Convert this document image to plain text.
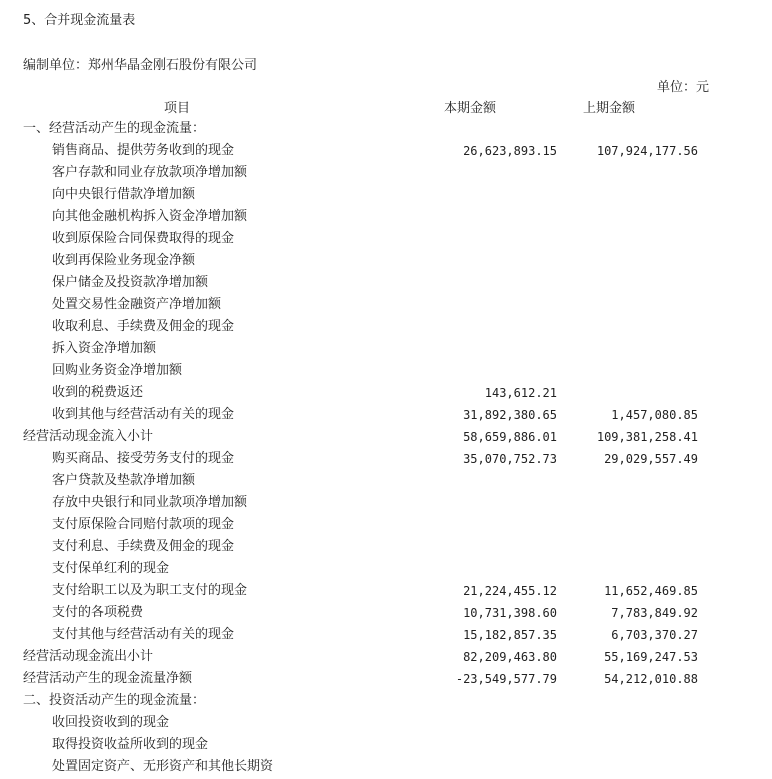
5、合并现金流量表
编制单位：郑州华晶金刚石股份有限公司
单位：元
项目	本期金额	上期金额
一、经营活动产生的现金流量：
销售商品、提供劳务收到的现金	26,623,893.15	107,924,177.56
客户存款和同业存放款项净增加额
向中央银行借款净增加额
向其他金融机构拆入资金净增加额
收到原保险合同保费取得的现金
收到再保险业务现金净额
保户储金及投资款净增加额
处置交易性金融资产净增加额
收取利息、手续费及佣金的现金
拆入资金净增加额
回购业务资金净增加额
收到的税费返还	143,612.21
收到其他与经营活动有关的现金	31,892,380.65	1,457,080.85
经营活动现金流入小计	58,659,886.01	109,381,258.41
购买商品、接受劳务支付的现金	35,070,752.73	29,029,557.49
客户贷款及垫款净增加额
存放中央银行和同业款项净增加额
支付原保险合同赔付款项的现金
支付利息、手续费及佣金的现金
支付保单红利的现金
支付给职工以及为职工支付的现金	21,224,455.12	11,652,469.85
支付的各项税费	10,731,398.60	7,783,849.92
支付其他与经营活动有关的现金	15,182,857.35	6,703,370.27
经营活动现金流出小计	82,209,463.80	55,169,247.53
经营活动产生的现金流量净额	-23,549,577.79	54,212,010.88
二、投资活动产生的现金流量：
收回投资收到的现金
取得投资收益所收到的现金
处置固定资产、无形资产和其他长期资
